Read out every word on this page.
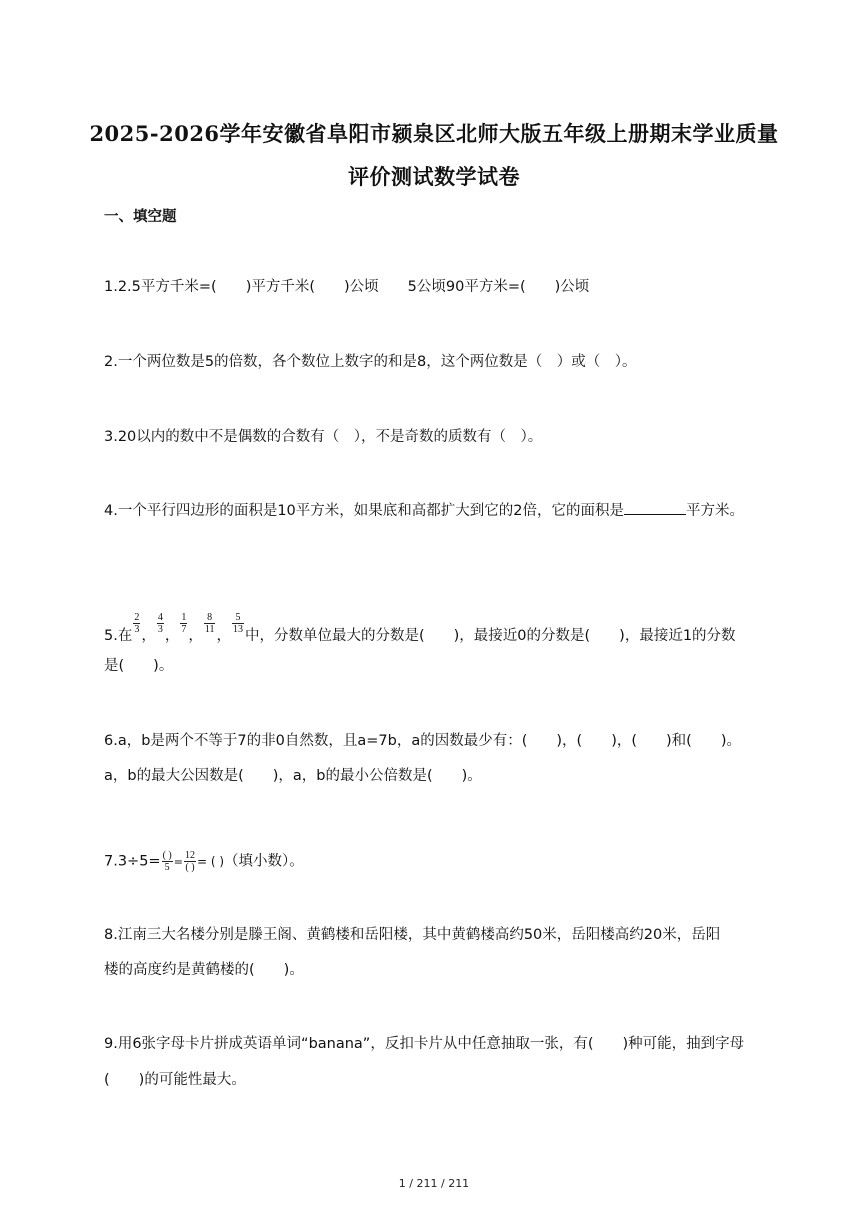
2025-2026学年安徽省阜阳市颍泉区北师大版五年级上册期末学业质量
评价测试数学试卷
一、填空题
1.2.5平方千米=(　　)平方千米(　　)公顷　　5公顷90平方米=(　　)公顷
2.一个两位数是5的倍数，各个数位上数字的和是8，这个两位数是（　）或（　）。
3.20以内的数中不是偶数的合数有（　），不是奇数的质数有（　）。
4.一个平行四边形的面积是10平方米，如果底和高都扩大到它的2倍，它的面积是	平方米。
5.在
$\frac{2}{3}$
，
$\frac{4}{3}$
，
$\frac{1}{7}$
，
$\frac{8}{11}$
，
$\frac{5}{13}$
中，分数单位最大的分数是(　　)，最接近0的分数是(　　)，最接近1的分数
是(　　)。
6.a，b是两个不等于7的非0自然数，且a=7b，a的因数最少有：(　　)，(　　)，(　　)和(　　)。
a，b的最大公因数是(　　)，a，b的最小公倍数是(　　)。
$7.3\div 5= \frac{( )}{5} = \frac{12}{( )}$ = ( )（填小数）。
8.江南三大名楼分别是滕王阁、黄鹤楼和岳阳楼，其中黄鹤楼高约50米，岳阳楼高约20米，岳阳
楼的高度约是黄鹤楼的(　　)。
9.用6张字母卡片拼成英语单词“banana”，反扣卡片从中任意抽取一张，有(　　)种可能，抽到字母
(　　)的可能性最大。
1 / 211 / 211
